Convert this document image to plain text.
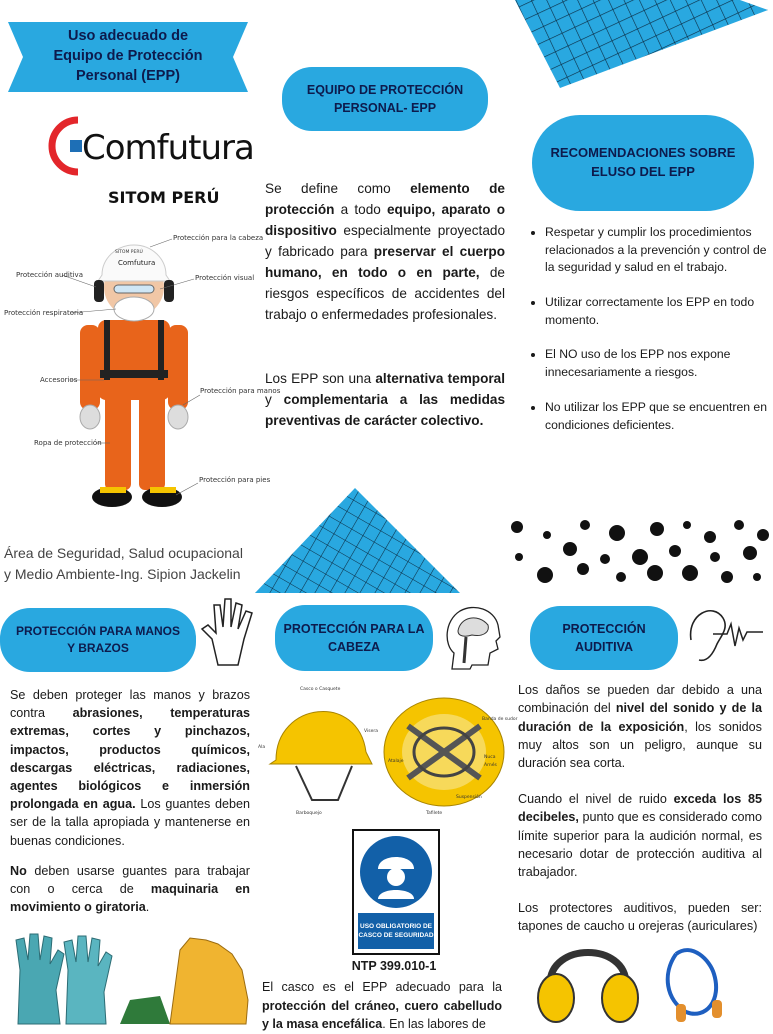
Uso adecuado de
Equipo de Protección
Personal (EPP)
Comfutura
SITOM PERÚ
SITOM PERÚ
Comfutura
Protección para la cabeza
Protección auditiva	Protección visual
Protección respiratoria
Accesorios
Protección para manos
Ropa de protección
Protección para pies
Área de Seguridad, Salud ocupacional
y Medio Ambiente-Ing. Sipion Jackelin
EQUIPO DE PROTECCIÓN
PERSONAL- EPP
Se define como elemento de protección a todo equipo, aparato o dispositivo especialmente proyectado y fabricado para preservar el cuerpo humano, en todo o en parte, de riesgos específicos de accidentes del trabajo o enfermedades profesionales.
Los EPP son una alternativa temporal y complementaria a las medidas preventivas de carácter colectivo.
RECOMENDACIONES SOBRE
ELUSO DEL EPP
• Respetar y cumplir los procedimientos relacionados a la prevención y control de la seguridad y salud en el trabajo.
• Utilizar correctamente los EPP en todo momento.
• El NO uso de los EPP nos expone innecesariamente a riesgos.
• No utilizar los EPP que se encuentren en condiciones deficientes.
PROTECCIÓN PARA MANOS
Y BRAZOS
Se deben proteger las manos y brazos contra abrasiones, temperaturas extremas, cortes y pinchazos, impactos, productos químicos, descargas eléctricas, radiaciones, agentes biológicos e inmersión prolongada en agua. Los guantes deben ser de la talla apropiada y mantenerse en buenas condiciones.
No deben usarse guantes para trabajar con o cerca de maquinaria en movimiento o giratoria.
PROTECCIÓN PARA LA
CABEZA
Casco o Casquete
Ala
Visera
Barboquejo
Banda de sudor
Nuca
Arnés
Atalaje
Suspensión
Tafilete
USO OBLIGATORIO DE CASCO DE SEGURIDAD
NTP 399.010-1
El casco es el EPP adecuado para la protección del cráneo, cuero cabelludo y la masa encefálica. En las labores de
PROTECCIÓN
AUDITIVA
Los daños se pueden dar debido a una combinación del nivel del sonido y de la duración de la exposición, los sonidos muy altos son un peligro, aunque su duración sea corta.
Cuando el nivel de ruido exceda los 85 decibeles, punto que es considerado como límite superior para la audición normal, es necesario dotar de protección auditiva al trabajador.
Los protectores auditivos, pueden ser: tapones de caucho u orejeras (auriculares)
